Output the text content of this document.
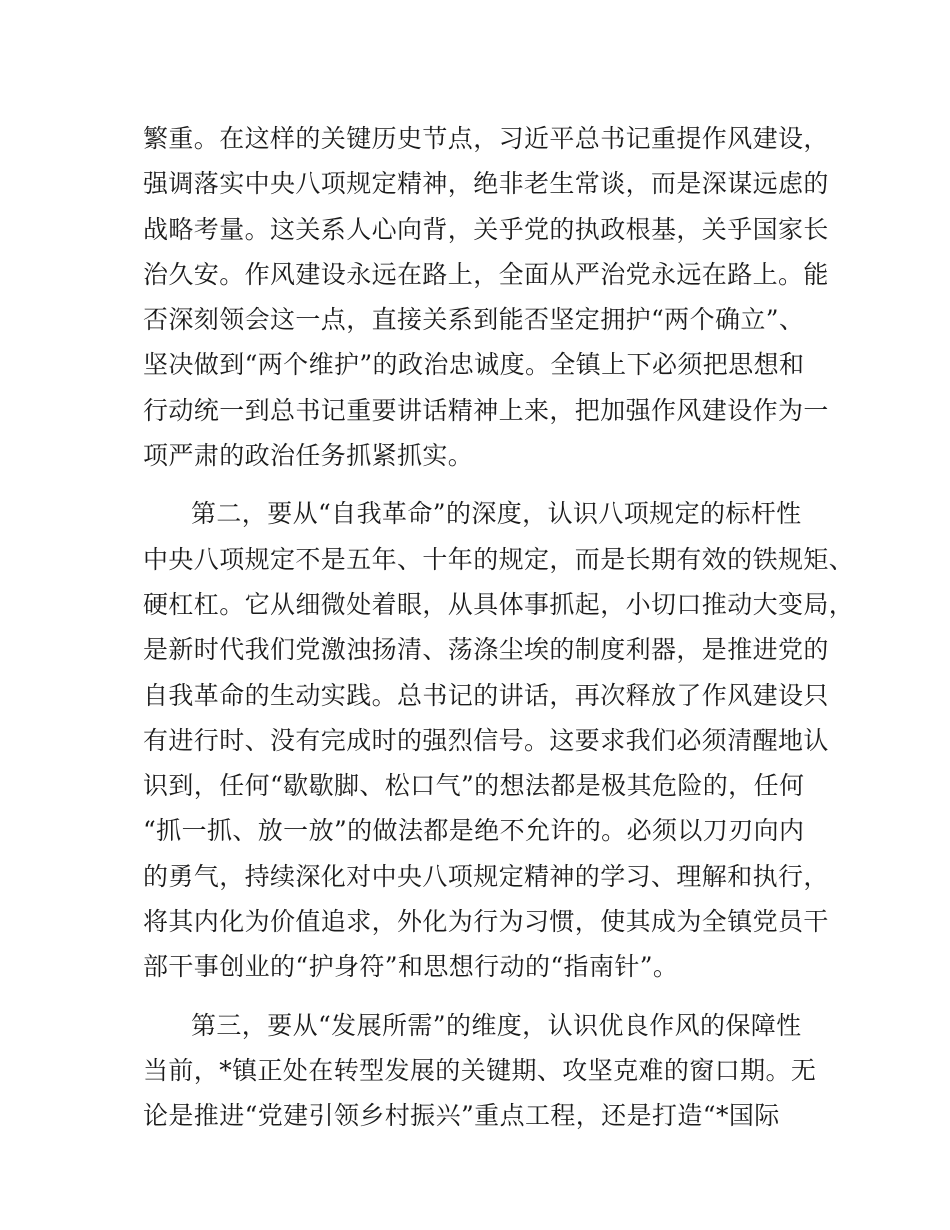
繁重。在这样的关键历史节点，习近平总书记重提作风建设，
强调落实中央八项规定精神，绝非老生常谈，而是深谋远虑的
战略考量。这关系人心向背，关乎党的执政根基，关乎国家长
治久安。作风建设永远在路上，全面从严治党永远在路上。能
否深刻领会这一点，直接关系到能否坚定拥护“两个确立”、
坚决做到“两个维护”的政治忠诚度。全镇上下必须把思想和
行动统一到总书记重要讲话精神上来，把加强作风建设作为一
项严肃的政治任务抓紧抓实。

第二，要从“自我革命”的深度，认识八项规定的标杆性
中央八项规定不是五年、十年的规定，而是长期有效的铁规矩、
硬杠杠。它从细微处着眼，从具体事抓起，小切口推动大变局，
是新时代我们党激浊扬清、荡涤尘埃的制度利器，是推进党的
自我革命的生动实践。总书记的讲话，再次释放了作风建设只
有进行时、没有完成时的强烈信号。这要求我们必须清醒地认
识到，任何“歇歇脚、松口气”的想法都是极其危险的，任何
“抓一抓、放一放”的做法都是绝不允许的。必须以刀刃向内
的勇气，持续深化对中央八项规定精神的学习、理解和执行，
将其内化为价值追求，外化为行为习惯，使其成为全镇党员干
部干事创业的“护身符”和思想行动的“指南针”。

第三，要从“发展所需”的维度，认识优良作风的保障性
当前，*镇正处在转型发展的关键期、攻坚克难的窗口期。无
论是推进“党建引领乡村振兴”重点工程，还是打造“*国际
